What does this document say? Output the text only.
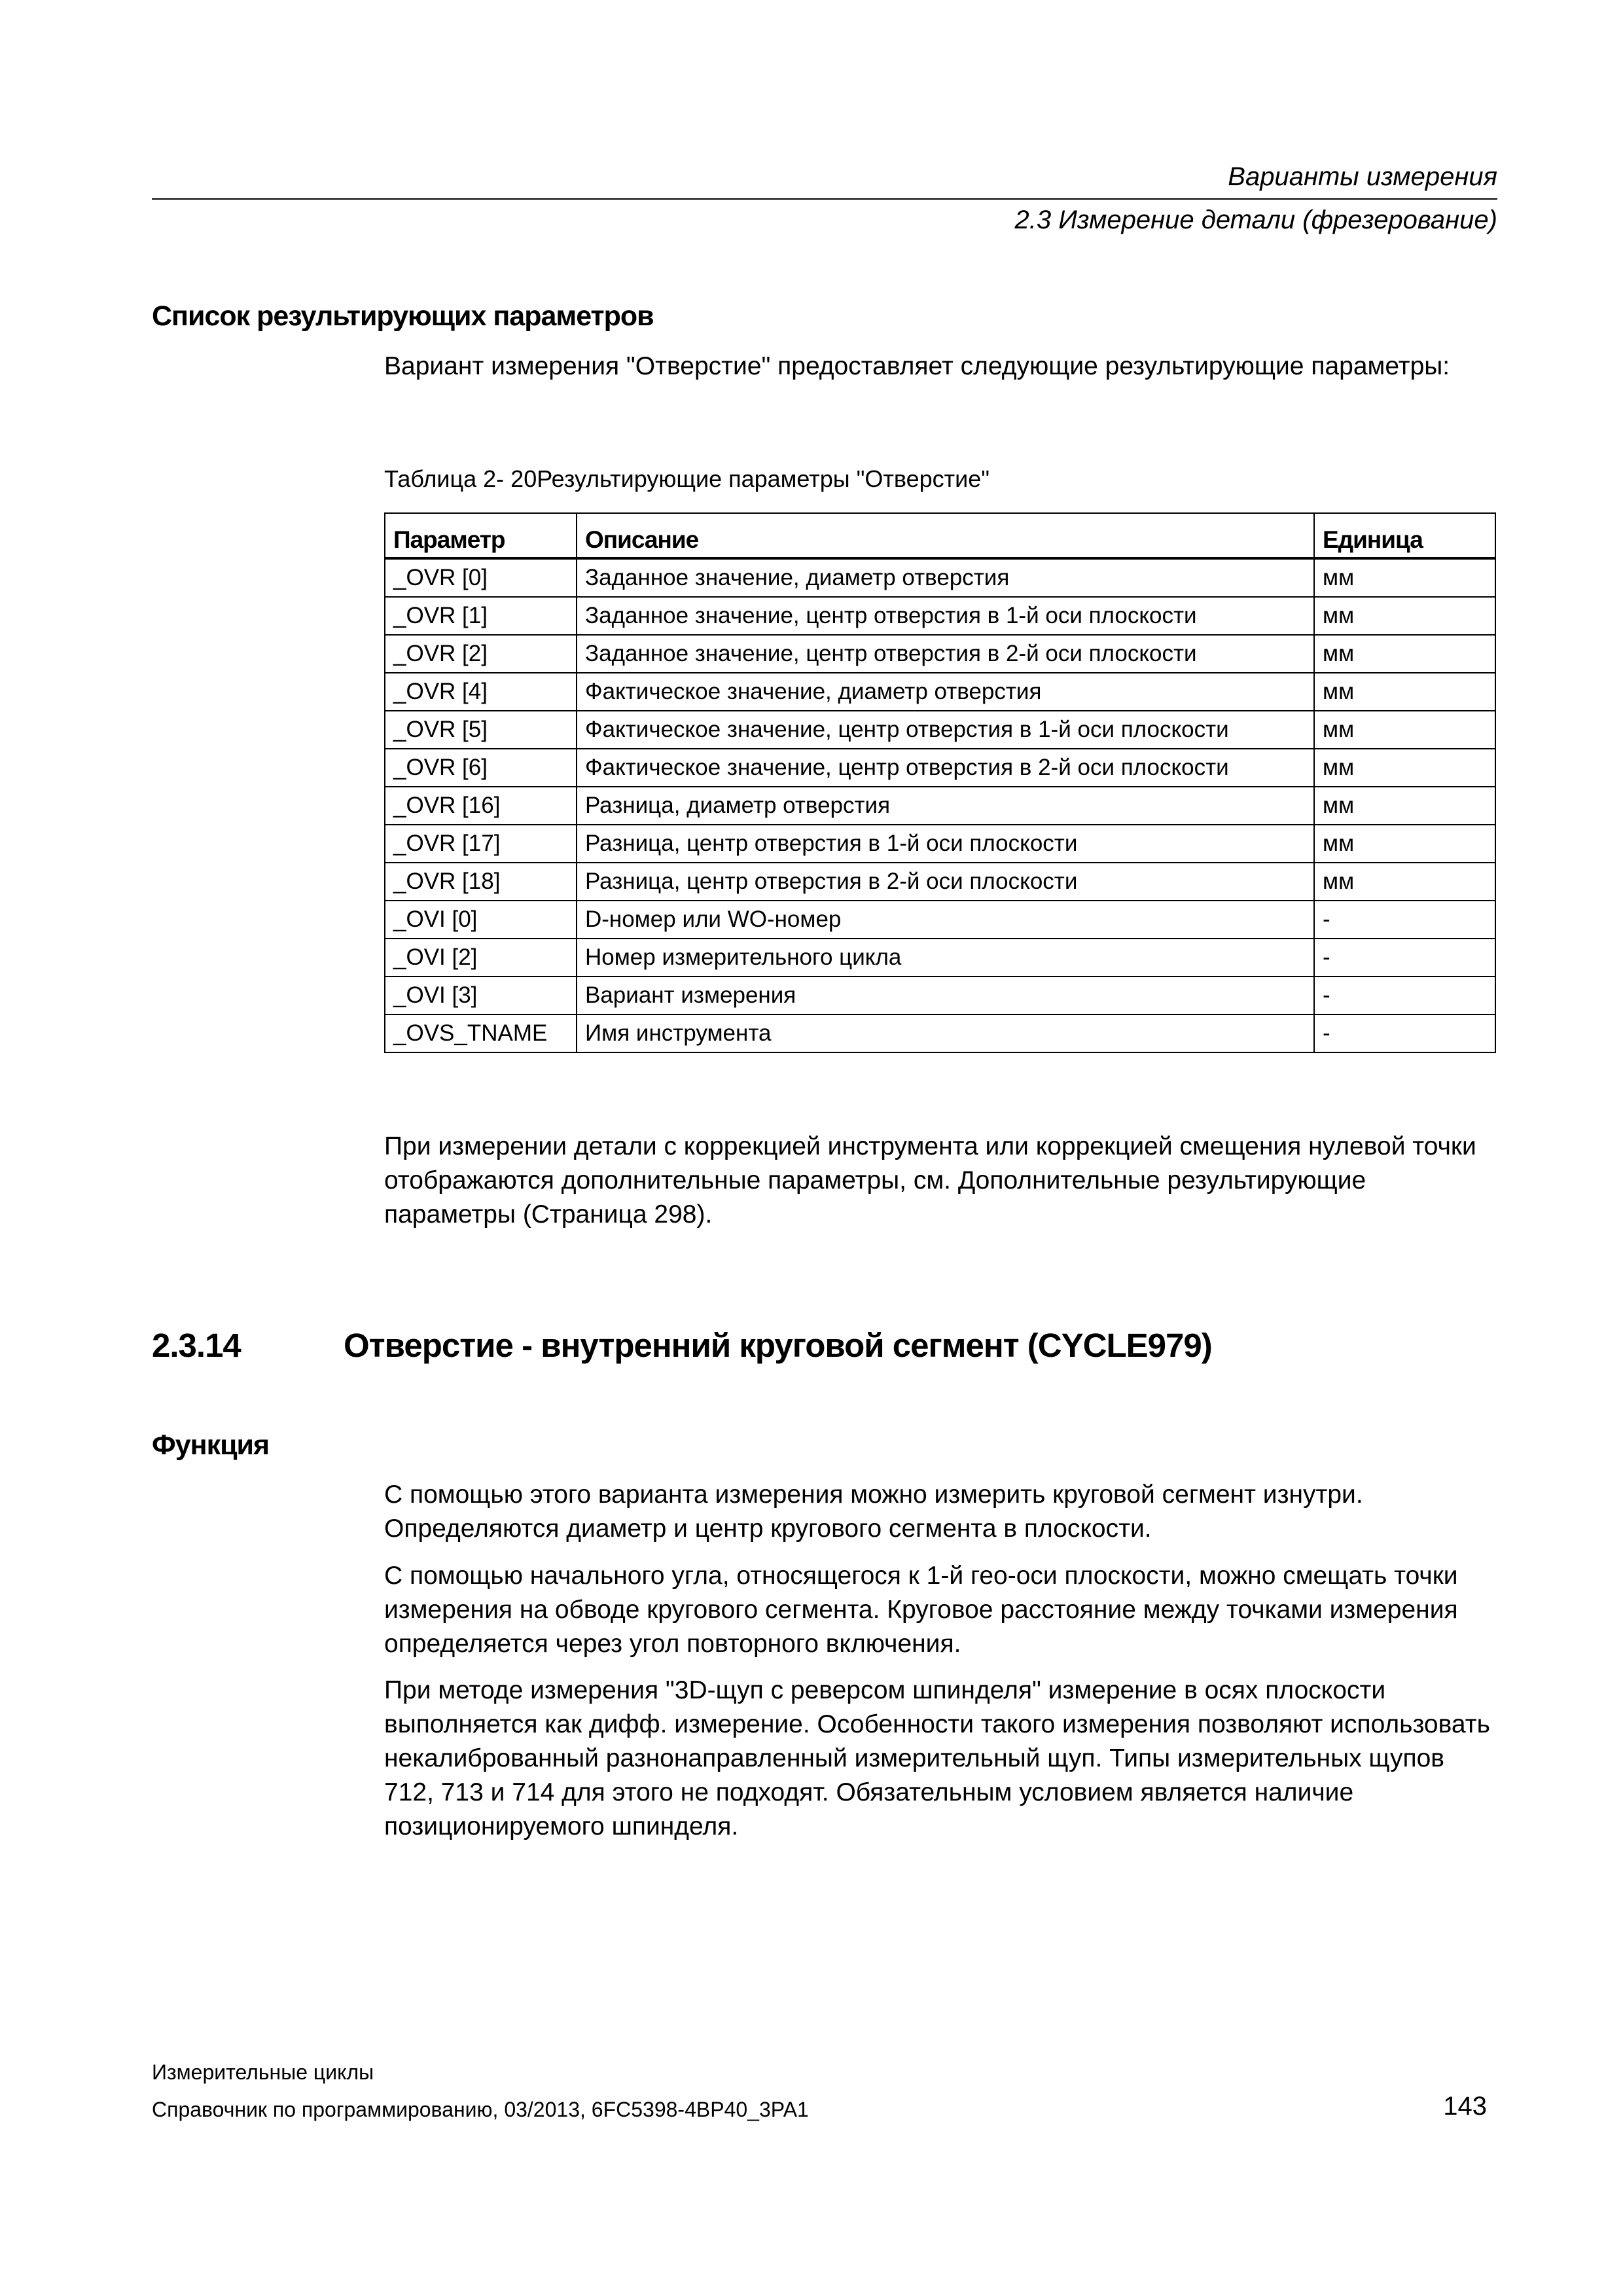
Варианты измерения
2.3 Измерение детали (фрезерование)
Список результирующих параметров

Вариант измерения "Отверстие" предоставляет следующие результирующие параметры:

Таблица 2- 20Результирующие параметры "Отверстие"
Параметр	Описание	Единица
_OVR [0]	Заданное значение, диаметр отверстия	мм
_OVR [1]	Заданное значение, центр отверстия в 1-й оси плоскости	мм
_OVR [2]	Заданное значение, центр отверстия в 2-й оси плоскости	мм
_OVR [4]	Фактическое значение, диаметр отверстия	мм
_OVR [5]	Фактическое значение, центр отверстия в 1-й оси плоскости	мм
_OVR [6]	Фактическое значение, центр отверстия в 2-й оси плоскости	мм
_OVR [16]	Разница, диаметр отверстия	мм
_OVR [17]	Разница, центр отверстия в 1-й оси плоскости	мм
_OVR [18]	Разница, центр отверстия в 2-й оси плоскости	мм
_OVI [0]	D-номер или WO-номер	-
_OVI [2]	Номер измерительного цикла	-
_OVI [3]	Вариант измерения	-
_OVS_TNAME	Имя инструмента	-

При измерении детали с коррекцией инструмента или коррекцией смещения нулевой точки отображаются дополнительные параметры, см. Дополнительные результирующие параметры (Страница 298).

2.3.14	Отверстие - внутренний круговой сегмент (CYCLE979)
Функция

С помощью этого варианта измерения можно измерить круговой сегмент изнутри. Определяются диаметр и центр кругового сегмента в плоскости.

С помощью начального угла, относящегося к 1-й гео-оси плоскости, можно смещать точки измерения на обводе кругового сегмента. Круговое расстояние между точками измерения определяется через угол повторного включения.

При методе измерения "3D-щуп с реверсом шпинделя" измерение в осях плоскости выполняется как дифф. измерение. Особенности такого измерения позволяют использовать некалиброванный разнонаправленный измерительный щуп. Типы измерительных щупов 712, 713 и 714 для этого не подходят. Обязательным условием является наличие позиционируемого шпинделя.

Измерительные циклы
Справочник по программированию, 03/2013, 6FC5398-4BP40_3PA1	143
